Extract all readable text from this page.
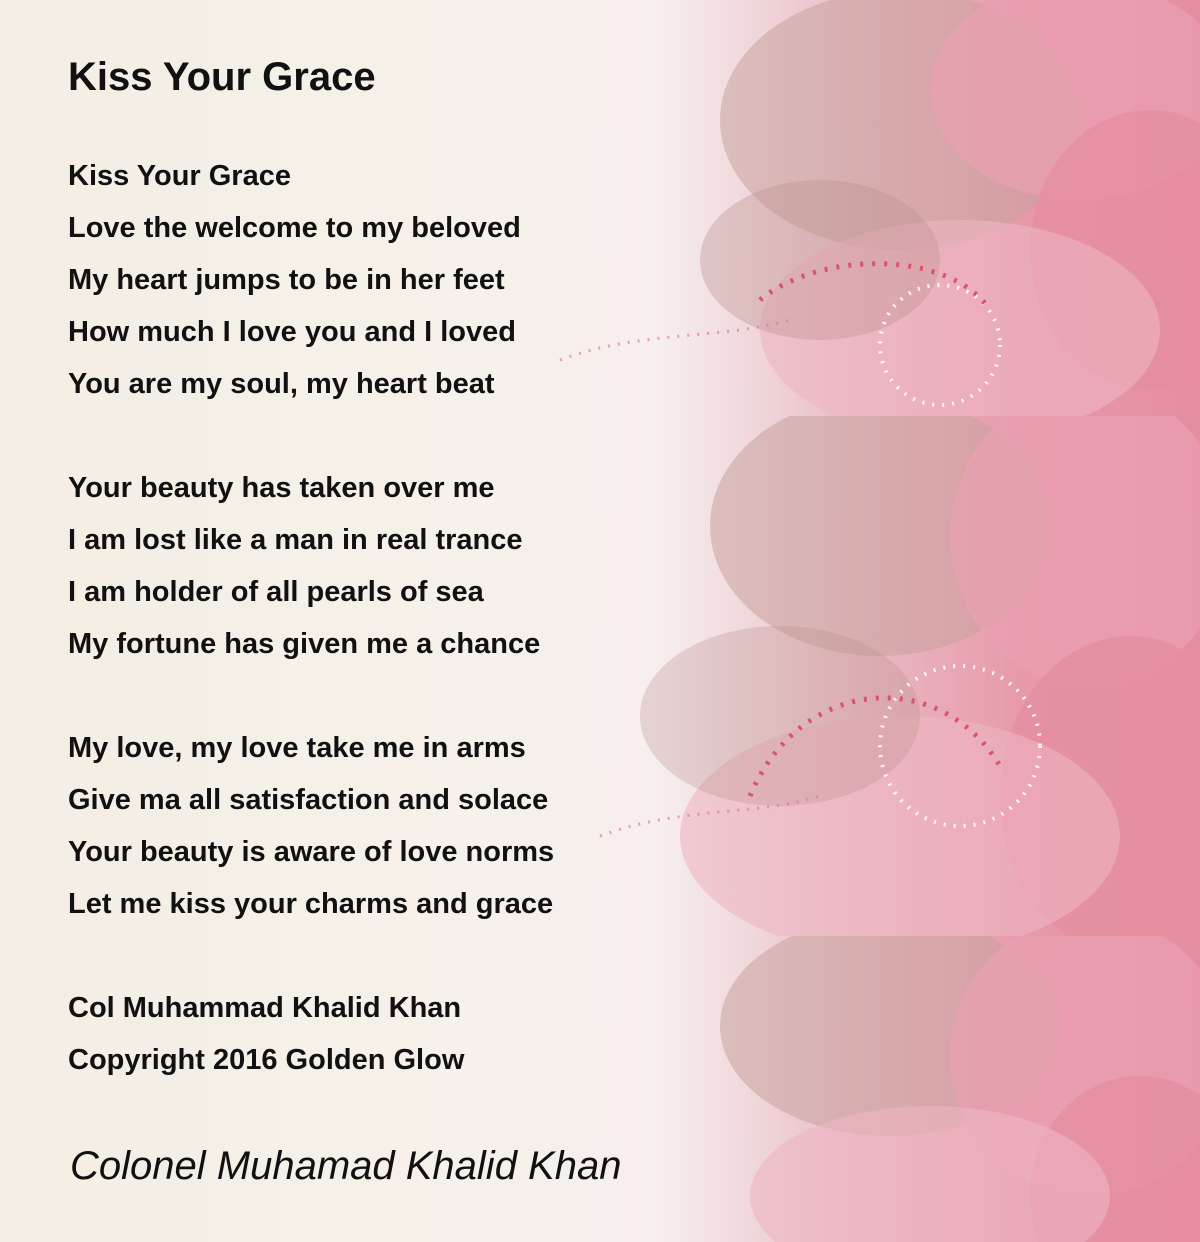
Kiss Your Grace
Kiss Your Grace
Love the welcome to my beloved
My heart jumps to be in her feet
How much I love you and I loved
You are my soul, my heart beat
Your beauty has taken over me
I am lost like a man in real trance
I am holder of all pearls of sea
My fortune has given me a chance
My love, my love take me in arms
Give ma all satisfaction and solace
Your beauty is aware of love norms
Let me kiss your charms and grace
Col Muhammad Khalid Khan
Copyright 2016 Golden Glow

Colonel Muhamad Khalid Khan
